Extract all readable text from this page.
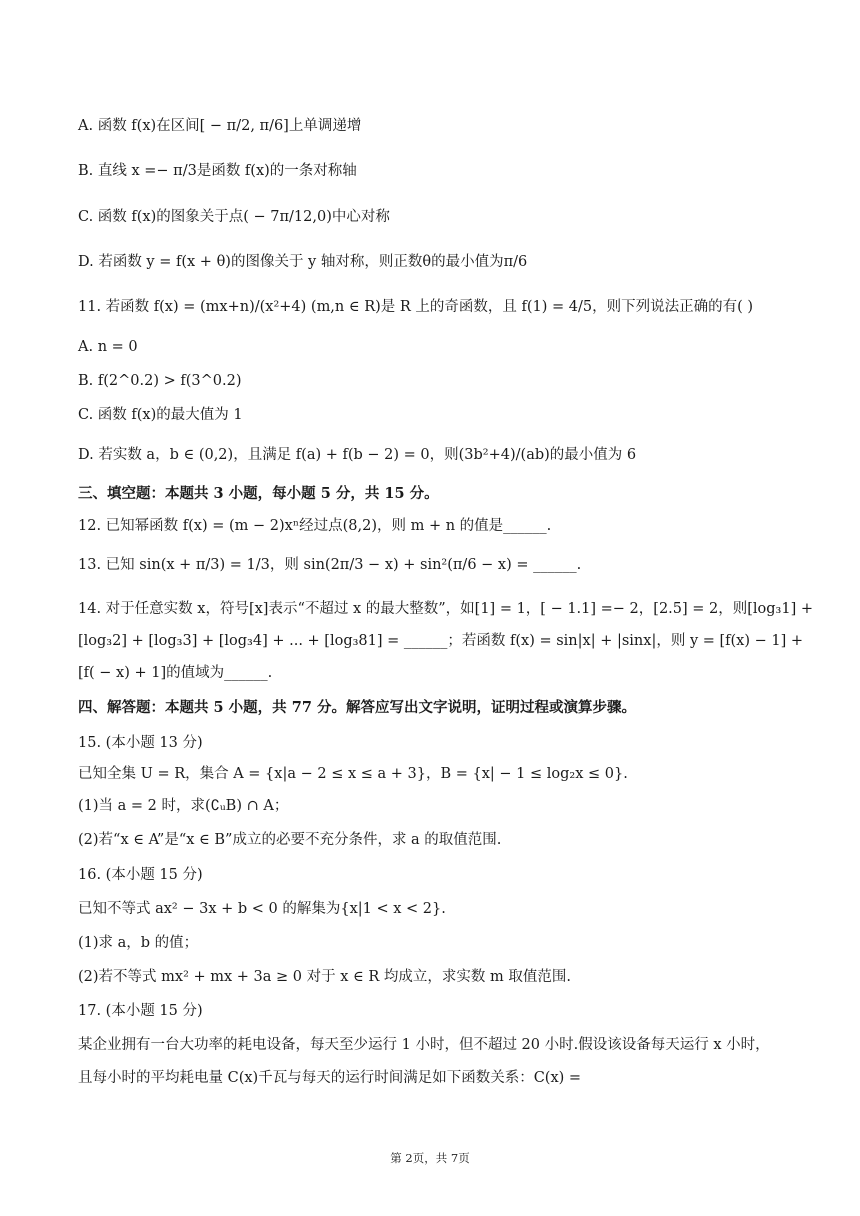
A. 函数 f(x)在区间[ − π/2, π/6]上单调递增
B. 直线 x =− π/3是函数 f(x)的一条对称轴
C. 函数 f(x)的图象关于点( − 7π/12,0)中心对称
D. 若函数 y = f(x + θ)的图像关于 y 轴对称，则正数θ的最小值为π/6
11. 若函数 f(x) = (mx+n)/(x²+4) (m,n ∈ R)是 R 上的奇函数，且 f(1) = 4/5，则下列说法正确的有( )
A. n = 0
B. f(2^0.2) > f(3^0.2)
C. 函数 f(x)的最大值为 1
D. 若实数 a，b ∈ (0,2)，且满足 f(a) + f(b − 2) = 0，则(3b²+4)/(ab)的最小值为 6
三、填空题：本题共 3 小题，每小题 5 分，共 15 分。
12. 已知幂函数 f(x) = (m − 2)xⁿ经过点(8,2)，则 m + n 的值是______.
13. 已知 sin(x + π/3) = 1/3，则 sin(2π/3 − x) + sin²(π/6 − x) = ______.
14. 对于任意实数 x，符号[x]表示“不超过 x 的最大整数”，如[1] = 1，[ − 1.1] =− 2，[2.5] = 2，则[log₃1] +
[log₃2] + [log₃3] + [log₃4] + ... + [log₃81] = ______；若函数 f(x) = sin|x| + |sinx|，则 y = [f(x) − 1] +
[f( − x) + 1]的值域为______.
四、解答题：本题共 5 小题，共 77 分。解答应写出文字说明，证明过程或演算步骤。
15. (本小题 13 分)
已知全集 U = R，集合 A = {x|a − 2 ≤ x ≤ a + 3}，B = {x| − 1 ≤ log₂x ≤ 0}.
(1)当 a = 2 时，求(∁ᵤB) ∩ A；
(2)若“x ∈ A”是“x ∈ B”成立的必要不充分条件，求 a 的取值范围.
16. (本小题 15 分)
已知不等式 ax² − 3x + b < 0 的解集为{x|1 < x < 2}.
(1)求 a，b 的值；
(2)若不等式 mx² + mx + 3a ≥ 0 对于 x ∈ R 均成立，求实数 m 取值范围.
17. (本小题 15 分)
某企业拥有一台大功率的耗电设备，每天至少运行 1 小时，但不超过 20 小时.假设该设备每天运行 x 小时，
且每小时的平均耗电量 C(x)千瓦与每天的运行时间满足如下函数关系：C(x) =
第 2页，共 7页
